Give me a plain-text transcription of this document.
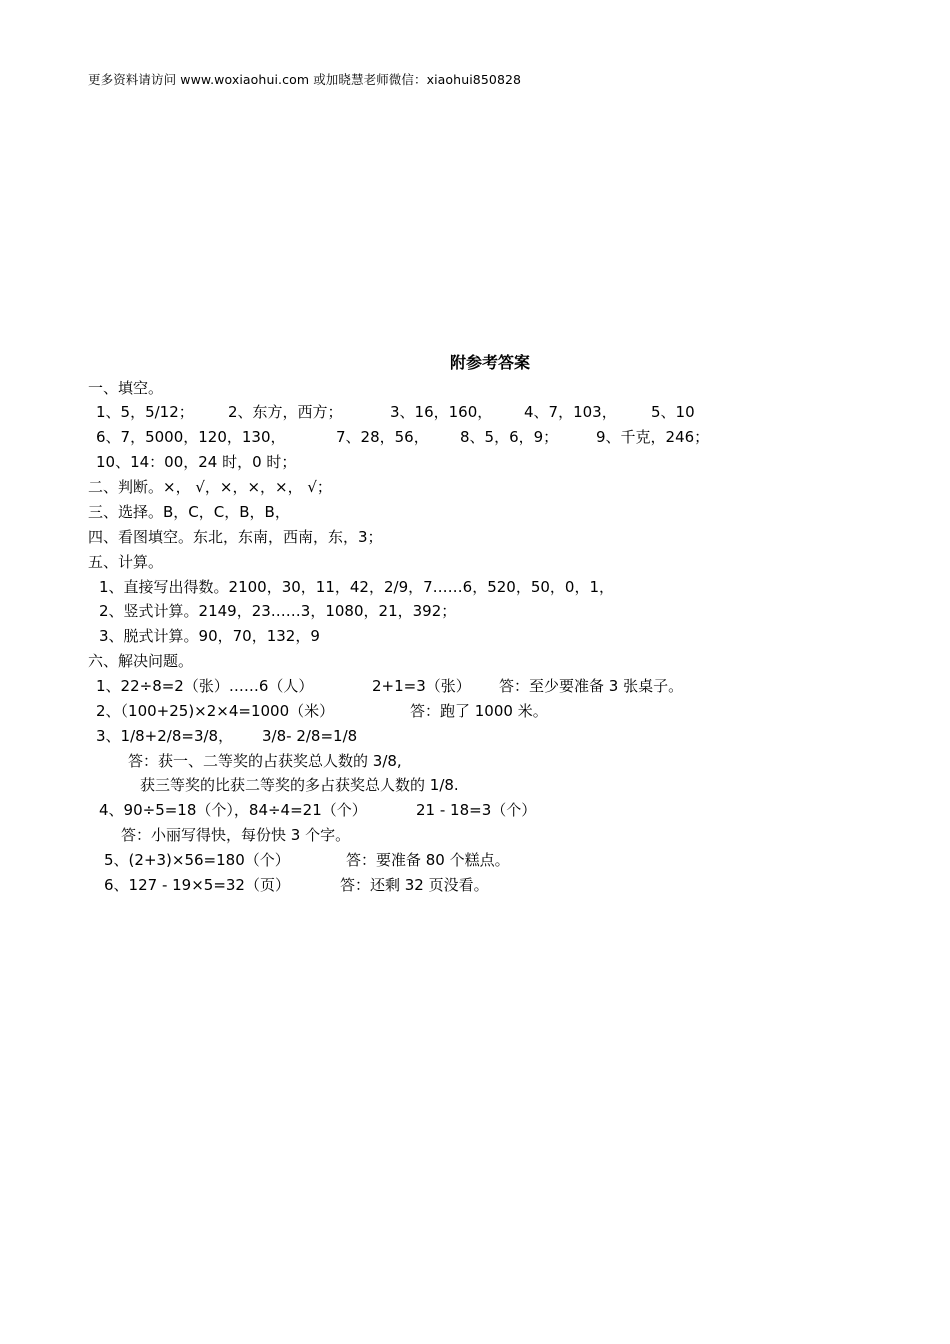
更多资料请访问 www.woxiaohui.com 或加晓慧老师微信：xiaohui850828
附参考答案
一、填空。
1、5，5/12； 2、东方，西方；	3、16，160， 4、7，103， 5、10
6、7，5000，120，130，	7、28，56， 8、5，6，9；	9、千克，246；
10、14：00，24 时，0 时；
二、判断。×， √，×，×，×， √；
三、选择。B，C，C，B，B，
四、看图填空。东北，东南，西南，东，3；
五、计算。
1、直接写出得数。2100，30，11，42，2/9，7……6，520，50，0，1，
2、竖式计算。2149，23……3，1080，21，392；
3、脱式计算。90，70，132，9
六、解决问题。
1、22÷8=2（张）……6（人）	2+1=3（张） 答：至少要准备 3 张桌子。
2、（100+25)×2×4=1000（米）	答：跑了 1000 米。
3、1/8+2/8=3/8， 3/8- 2/8=1/8
答：获一、二等奖的占获奖总人数的 3/8,
获三等奖的比获二等奖的多占获奖总人数的 1/8.
4、90÷5=18（个），84÷4=21（个）	21 - 18=3（个）
答：小丽写得快，每份快 3 个字。
5、(2+3)×56=180（个）	答：要准备 80 个糕点。
6、127 - 19×5=32（页）	答：还剩 32 页没看。
